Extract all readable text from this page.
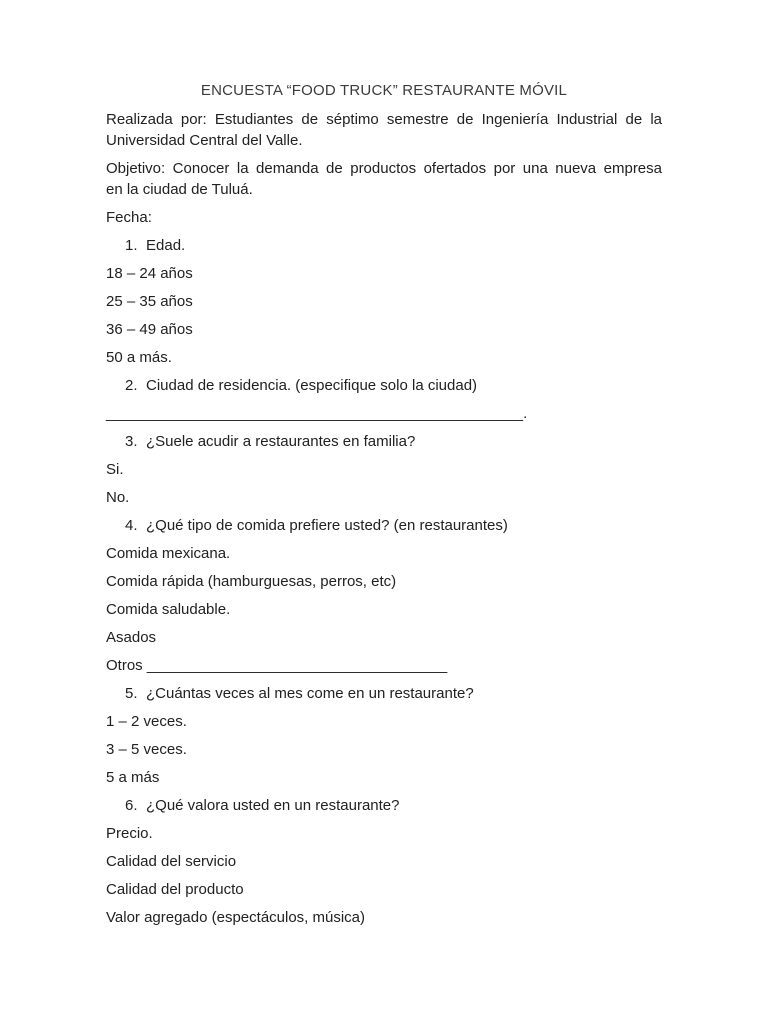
ENCUESTA “FOOD TRUCK” RESTAURANTE MÓVIL

Realizada por: Estudiantes de séptimo semestre de Ingeniería Industrial de la
Universidad Central del Valle.

Objetivo: Conocer la demanda de productos ofertados por una nueva empresa
en la ciudad de Tuluá.

Fecha:

1. Edad.
18 – 24 años
25 – 35 años
36 – 49 años
50 a más.
2. Ciudad de residencia. (especifique solo la ciudad)
__________________________________________________.
3. ¿Suele acudir a restaurantes en familia?
Si.
No.
4. ¿Qué tipo de comida prefiere usted? (en restaurantes)
Comida mexicana.
Comida rápida (hamburguesas, perros, etc)
Comida saludable.
Asados
Otros ____________________________________
5. ¿Cuántas veces al mes come en un restaurante?
1 – 2 veces.
3 – 5 veces.
5 a más
6. ¿Qué valora usted en un restaurante?
Precio.
Calidad del servicio
Calidad del producto
Valor agregado (espectáculos, música)
